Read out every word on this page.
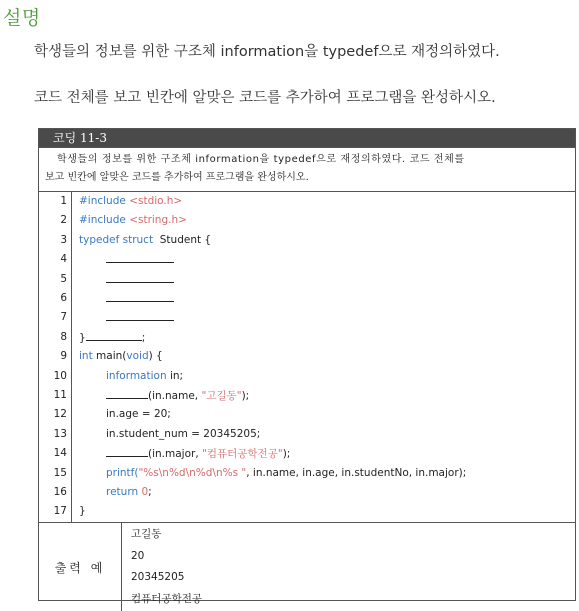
설명
학생들의 정보를 위한 구조체 information을 typedef으로 재정의하였다.
코드 전체를 보고 빈칸에 알맞은 코드를 추가하여 프로그램을 완성하시오.
코딩 11-3
학생들의 정보를 위한 구조체 information을 typedef으로 재정의하였다. 코드 전체를
보고 빈칸에 알맞은 코드를 추가하여 프로그램을 완성하시오.
1 #include <stdio.h>
2 #include <string.h>
3 typedef struct Student {
4
5
6
7
8 }	;
9 int main(void) {
10	information in;
11	(in.name, "고길동");
12	in.age = 20;
13	in.student_num = 20345205;
14	(in.major, "컴퓨터공학전공");
15	printf("%s\n%d\n%d\n%s ", in.name, in.age, in.studentNo, in.major);
16	return 0;
17 }
출력 예
고길동
20
20345205
컴퓨터공학전공
